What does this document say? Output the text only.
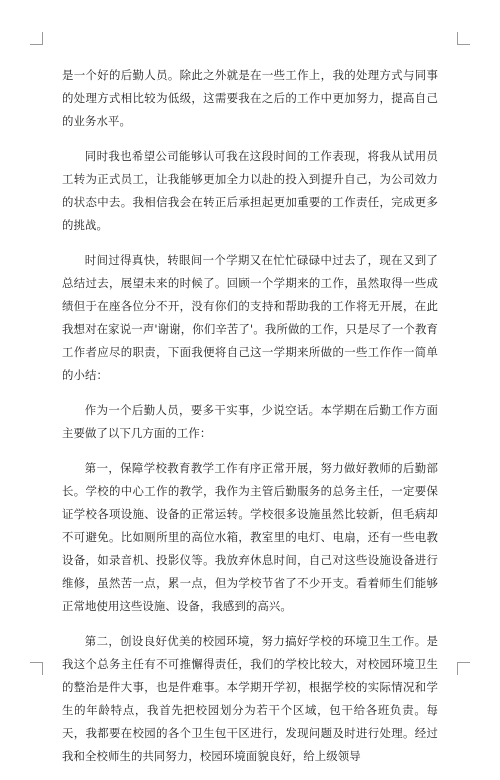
是一个好的后勤人员。除此之外就是在一些工作上，我的处理方式与同事的处理方式相比较为低级，这需要我在之后的工作中更加努力，提高自己的业务水平。

同时我也希望公司能够认可我在这段时间的工作表现，将我从试用员工转为正式员工，让我能够更加全力以赴的投入到提升自己，为公司效力的状态中去。我相信我会在转正后承担起更加重要的工作责任，完成更多的挑战。

时间过得真快，转眼间一个学期又在忙忙碌碌中过去了，现在又到了总结过去，展望未来的时候了。回顾一个学期来的工作，虽然取得一些成绩但于在座各位分不开，没有你们的支持和帮助我的工作将无开展，在此我想对在家说一声'谢谢，你们辛苦了'。我所做的工作，只是尽了一个教育工作者应尽的职责，下面我便将自己这一学期来所做的一些工作作一简单的小结：

作为一个后勤人员，要多干实事，少说空话。本学期在后勤工作方面主要做了以下几方面的工作：

第一，保障学校教育教学工作有序正常开展，努力做好教师的后勤部长。学校的中心工作的教学，我作为主管后勤服务的总务主任，一定要保证学校各项设施、设备的正常运转。学校很多设施虽然比较新，但毛病却不可避免。比如厕所里的高位水箱，教室里的电灯、电扇，还有一些电教设备，如录音机、投影仪等。我放弃休息时间，自己对这些设施设备进行维修，虽然苦一点，累一点，但为学校节省了不少开支。看着师生们能够正常地使用这些设施、设备，我感到的高兴。

第二，创设良好优美的校园环境，努力搞好学校的环境卫生工作。是我这个总务主任有不可推懈得责任，我们的学校比较大，对校园环境卫生的整治是件大事，也是件难事。本学期开学初，根据学校的实际情况和学生的年龄特点，我首先把校园划分为若干个区域，包干给各班负责。每天，我都要在校园的各个卫生包干区进行，发现问题及时进行处理。经过我和全校师生的共同努力，校园环境面貌良好，给上级领导
